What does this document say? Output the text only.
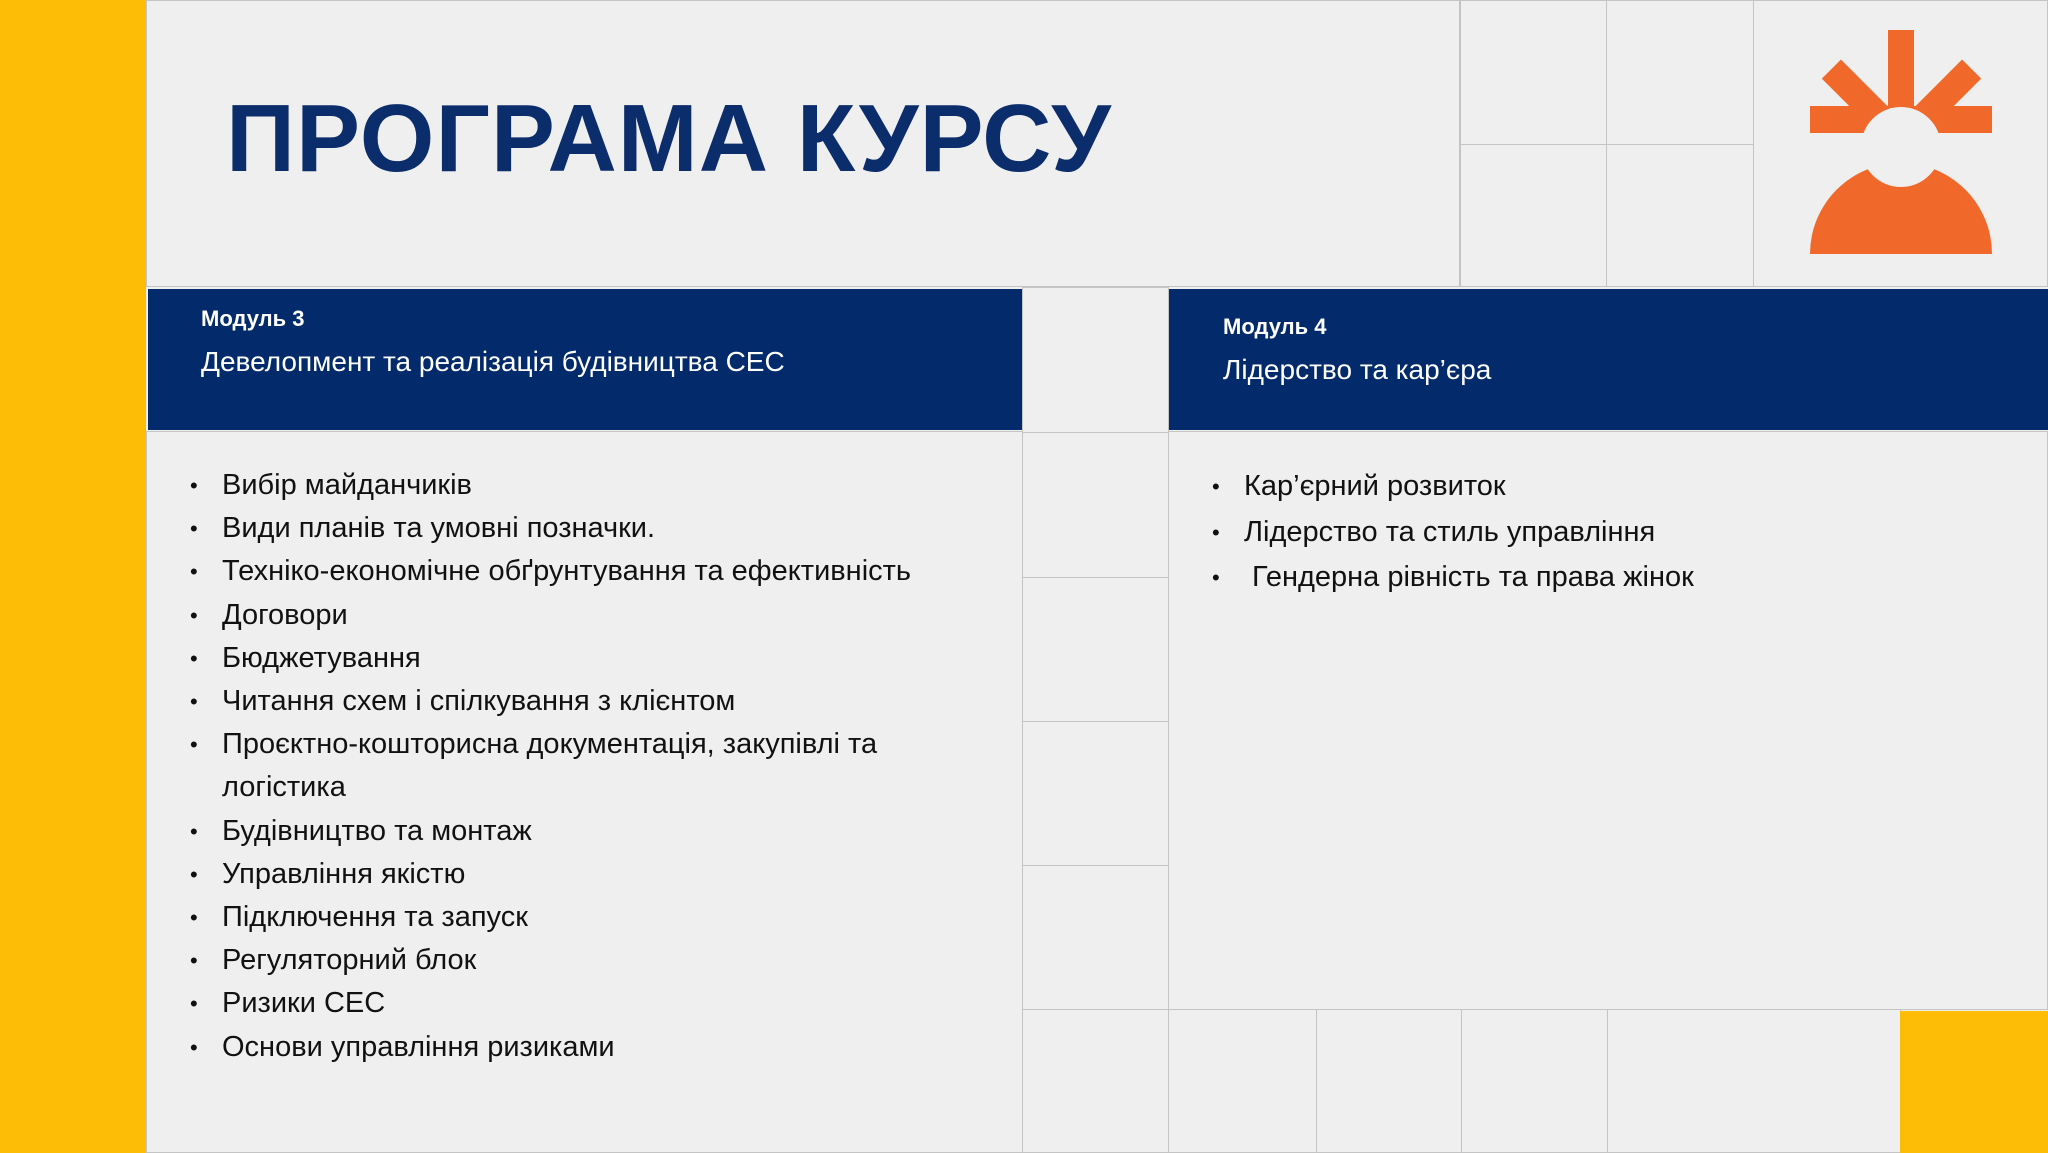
ПРОГРАМА КУРСУ
Модуль 3
Девелопмент та реалізація будівництва СЕС
• Вибір майданчиків
• Види планів та умовні позначки.
• Техніко-економічне обґрунтування та ефективність
• Договори
• Бюджетування
• Читання схем і спілкування з клієнтом
• Проєктно-кошторисна документація, закупівлі та
логістика
• Будівництво та монтаж
• Управління якістю
• Підключення та запуск
• Регуляторний блок
• Ризики СЕС
• Основи управління ризиками
Модуль 4
Лідерство та кар’єра
• Кар’єрний розвиток
• Лідерство та стиль управління
•  Гендерна рівність та права жінок
